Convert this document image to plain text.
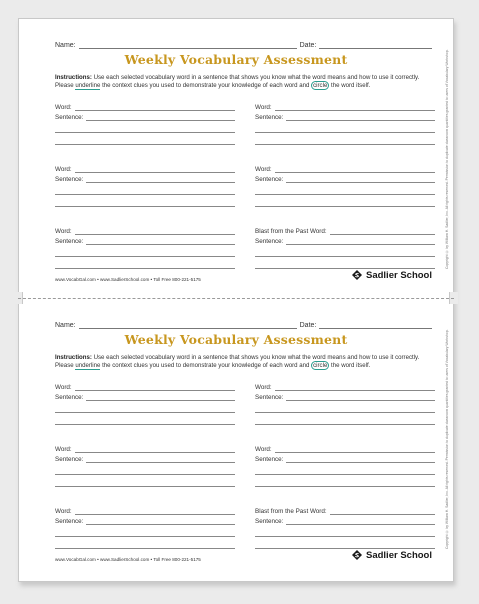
Name:	Date:
Weekly Vocabulary Assessment
Instructions: Use each selected vocabulary word in a sentence that shows you know what the word means and how to use it correctly. Please underline the context clues you used to demonstrate your knowledge of each word and circle the word itself.
Word:
Sentence:
Word:
Sentence:
Word:
Sentence:
Word:
Sentence:
Word:
Sentence:
Blast from the Past Word:
Sentence:
www.VocabGal.com • www.SadlierSchool.com • Toll Free 800-221-5175	Sadlier School
Copyright © by William H. Sadlier, Inc. All rights reserved. Permission to duplicate classroom quantities granted to users of Vocabulary Workshop.
Name:	Date:
Weekly Vocabulary Assessment
Instructions: Use each selected vocabulary word in a sentence that shows you know what the word means and how to use it correctly. Please underline the context clues you used to demonstrate your knowledge of each word and circle the word itself.
Word:
Sentence:
Word:
Sentence:
Word:
Sentence:
Word:
Sentence:
Word:
Sentence:
Blast from the Past Word:
Sentence:
www.VocabGal.com • www.SadlierSchool.com • Toll Free 800-221-5175	Sadlier School
Copyright © by William H. Sadlier, Inc. All rights reserved. Permission to duplicate classroom quantities granted to users of Vocabulary Workshop.
